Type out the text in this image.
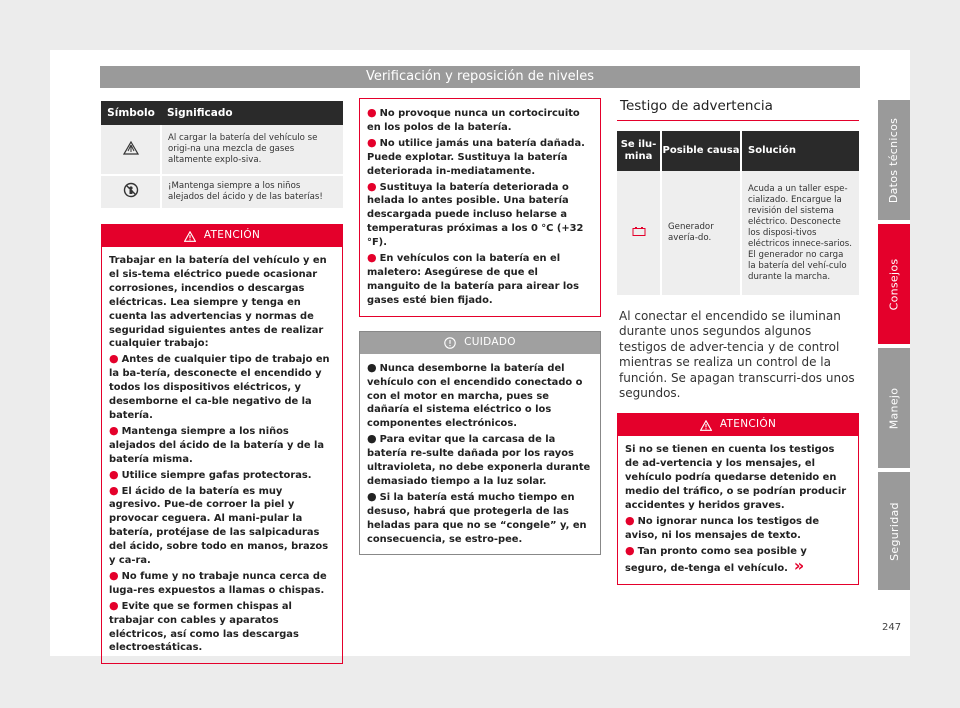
Verificación y reposición de niveles
Símbolo	Significado
	Al cargar la batería del vehículo se origi-na una mezcla de gases altamente explo-siva.
	¡Mantenga siempre a los niños alejados del ácido y de las baterías!
ATENCIÓN

Trabajar en la batería del vehículo y en el sis-tema eléctrico puede ocasionar corrosiones, incendios o descargas eléctricas. Lea siempre y tenga en cuenta las advertencias y normas de seguridad siguientes antes de realizar cualquier trabajo:

● Antes de cualquier tipo de trabajo en la ba-tería, desconecte el encendido y todos los dispositivos eléctricos, y desemborne el ca-ble negativo de la batería.

● Mantenga siempre a los niños alejados del ácido de la batería y de la batería misma.

● Utilice siempre gafas protectoras.

● El ácido de la batería es muy agresivo. Pue-de corroer la piel y provocar ceguera. Al mani-pular la batería, protéjase de las salpicaduras del ácido, sobre todo en manos, brazos y ca-ra.

● No fume y no trabaje nunca cerca de luga-res expuestos a llamas o chispas.

● Evite que se formen chispas al trabajar con cables y aparatos eléctricos, así como las descargas electroestáticas.

● No provoque nunca un cortocircuito en los polos de la batería.

● No utilice jamás una batería dañada. Puede explotar. Sustituya la batería deteriorada in-mediatamente.

● Sustituya la batería deteriorada o helada lo antes posible. Una batería descargada puede incluso helarse a temperaturas próximas a los 0 °C (+32 °F).

● En vehículos con la batería en el maletero: Asegúrese de que el manguito de la batería para airear los gases esté bien fijado.

CUIDADO

● Nunca desemborne la batería del vehículo con el encendido conectado o con el motor en marcha, pues se dañaría el sistema eléctrico o los componentes electrónicos.

● Para evitar que la carcasa de la batería re-sulte dañada por los rayos ultravioleta, no debe exponerla durante demasiado tiempo a la luz solar.

● Si la batería está mucho tiempo en desuso, habrá que protegerla de las heladas para que no se “congele” y, en consecuencia, se estro-pee.

Testigo de advertencia
Se ilu-mina	Posible causa	Solución
	Generador avería-do.	Acuda a un taller espe-cializado. Encargue la revisión del sistema eléctrico. Desconecte los disposi-tivos eléctricos innece-sarios. El generador no carga la batería del vehí-culo durante la marcha.

Al conectar el encendido se iluminan durante unos segundos algunos testigos de adver-tencia y de control mientras se realiza un control de la función. Se apagan transcurri-dos unos segundos.

ATENCIÓN

Si no se tienen en cuenta los testigos de ad-vertencia y los mensajes, el vehículo podría quedarse detenido en medio del tráfico, o se podrían producir accidentes y heridos graves.

● No ignorar nunca los testigos de aviso, ni los mensajes de texto.

● Tan pronto como sea posible y seguro, de-tenga el vehículo. »

Datos técnicos
Consejos
Manejo
Seguridad
247
